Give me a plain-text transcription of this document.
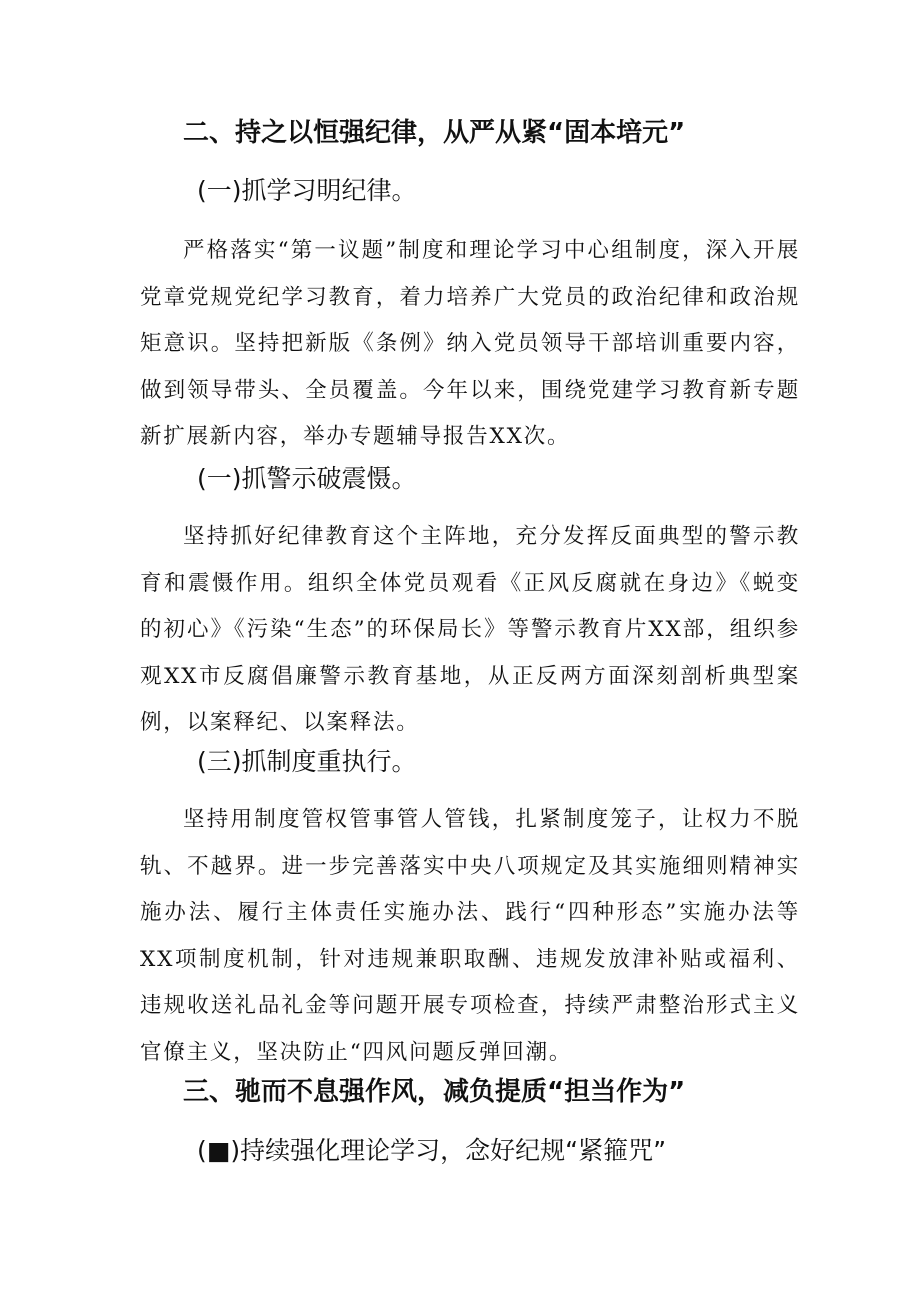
二、持之以恒强纪律，从严从紧“固本培元”
(一)抓学习明纪律。

严格落实“第一议题”制度和理论学习中心组制度，深入开展党章党规党纪学习教育，着力培养广大党员的政治纪律和政治规矩意识。坚持把新版《条例》纳入党员领导干部培训重要内容，做到领导带头、全员覆盖。今年以来，围绕党建学习教育新专题新扩展新内容，举办专题辅导报告XX次。

(一)抓警示破震慑。

坚持抓好纪律教育这个主阵地，充分发挥反面典型的警示教育和震慑作用。组织全体党员观看《正风反腐就在身边》《蜕变的初心》《污染“生态”的环保局长》等警示教育片XX部，组织参观XX市反腐倡廉警示教育基地，从正反两方面深刻剖析典型案例，以案释纪、以案释法。

(三)抓制度重执行。

坚持用制度管权管事管人管钱，扎紧制度笼子，让权力不脱轨、不越界。进一步完善落实中央八项规定及其实施细则精神实施办法、履行主体责任实施办法、践行“四种形态”实施办法等XX项制度机制，针对违规兼职取酬、违规发放津补贴或福利、违规收送礼品礼金等问题开展专项检查，持续严肃整治形式主义官僚主义，坚决防止“四风问题反弹回潮。

三、驰而不息强作风，减负提质“担当作为”
(■)持续强化理论学习，念好纪规“紧箍咒”
